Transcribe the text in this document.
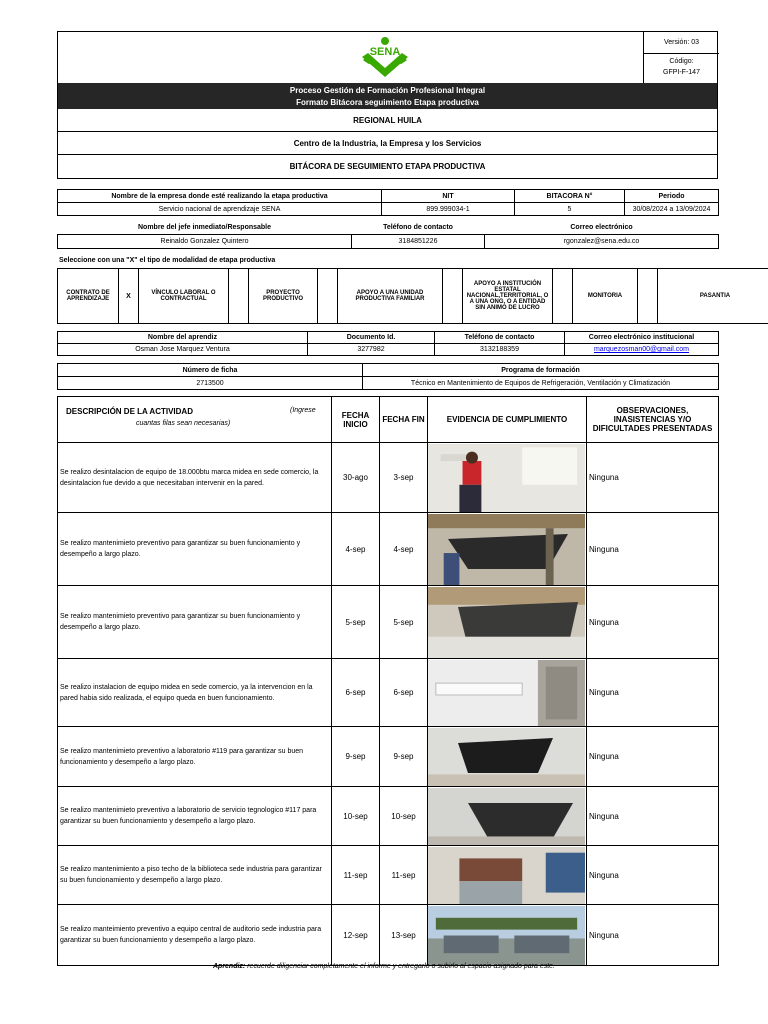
SENA
Versión: 03
Código:
GFPI-F-147
Proceso Gestión de Formación Profesional Integral
Formato Bitácora seguimiento Etapa productiva
REGIONAL HUILA
Centro de la Industria, la Empresa y los Servicios
BITÁCORA DE SEGUIMIENTO ETAPA PRODUCTIVA
Nombre de la empresa donde esté realizando la etapa productiva	NIT	BITACORA N°	Periodo
Servicio nacional de aprendizaje SENA	899.999034-1	5	30/08/2024 a 13/09/2024
Nombre del jefe inmediato/Responsable	Teléfono de contacto	Correo electrónico
Reinaldo Gonzalez Quintero	3184851226	rgonzalez@sena.edu.co
Seleccione con una "X" el tipo de modalidad de etapa productiva
CONTRATO DE APRENDIZAJE	X	VÍNCULO LABORAL O CONTRACTUAL		PROYECTO PRODUCTIVO		APOYO A UNA UNIDAD PRODUCTIVA FAMILIAR		APOYO A INSTITUCIÓN ESTATAL NACIONAL,TERRITORIAL, O A UNA ONG, O A ENTIDAD SIN ANIMO DE LUCRO		MONITORIA		PASANTIA	
Nombre del aprendiz	Documento Id.	Teléfono de contacto	Correo electrónico institucional
Osman Jose Marquez Ventura	3277982	3132188359	marquezosman00@gmail.com
Número de ficha	Programa de formación
2713500	Técnico en Mantenimiento de Equipos de Refrigeración, Ventilación y Climatización
DESCRIPCIÓN DE LA ACTIVIDAD (Ingrese
cuantas filas sean necesarias)	FECHA INICIO	FECHA FIN	EVIDENCIA DE CUMPLIMIENTO	OBSERVACIONES, INASISTENCIAS Y/O DIFICULTADES PRESENTADAS
Se realizo desintalacion de equipo de 18.000btu marca midea en sede comercio, la desintalacion fue devido a que necesitaban intervenir en la pared.	30-ago	3-sep		Ninguna
Se realizo mantenimieto preventivo para garantizar su buen funcionamiento y desempeño a largo plazo.	4-sep	4-sep		Ninguna
Se realizo mantenimieto preventivo para garantizar su buen funcionamiento y desempeño a largo plazo.	5-sep	5-sep		Ninguna
Se realizo instalacion de equipo midea en sede comercio, ya la intervencion en la pared habia sido realizada, el equipo queda en buen funcionamiento.	6-sep	6-sep		Ninguna
Se realizo mantenimieto preventivo a laboratorio #119 para garantizar su buen funcionamiento y desempeño a largo plazo.	9-sep	9-sep		Ninguna
Se realizo mantenimieto preventivo a laboratorio de servicio tegnologico #117 para garantizar su buen funcionamiento y desempeño a largo plazo.	10-sep	10-sep		Ninguna
Se realizo mantenimiento a piso techo de la biblioteca sede industria para garantizar su buen funcionamiento y desempeño a largo plazo.	11-sep	11-sep		Ninguna
Se realizo manteimiento preventivo a equipo central de auditorio sede industria para garantizar su buen funcionamiento y desempeño a largo plazo.	12-sep	13-sep		Ninguna
Aprendiz: recuerde diligenciar completamente el informe y entregarlo o subirlo al espacio asignado para este.
